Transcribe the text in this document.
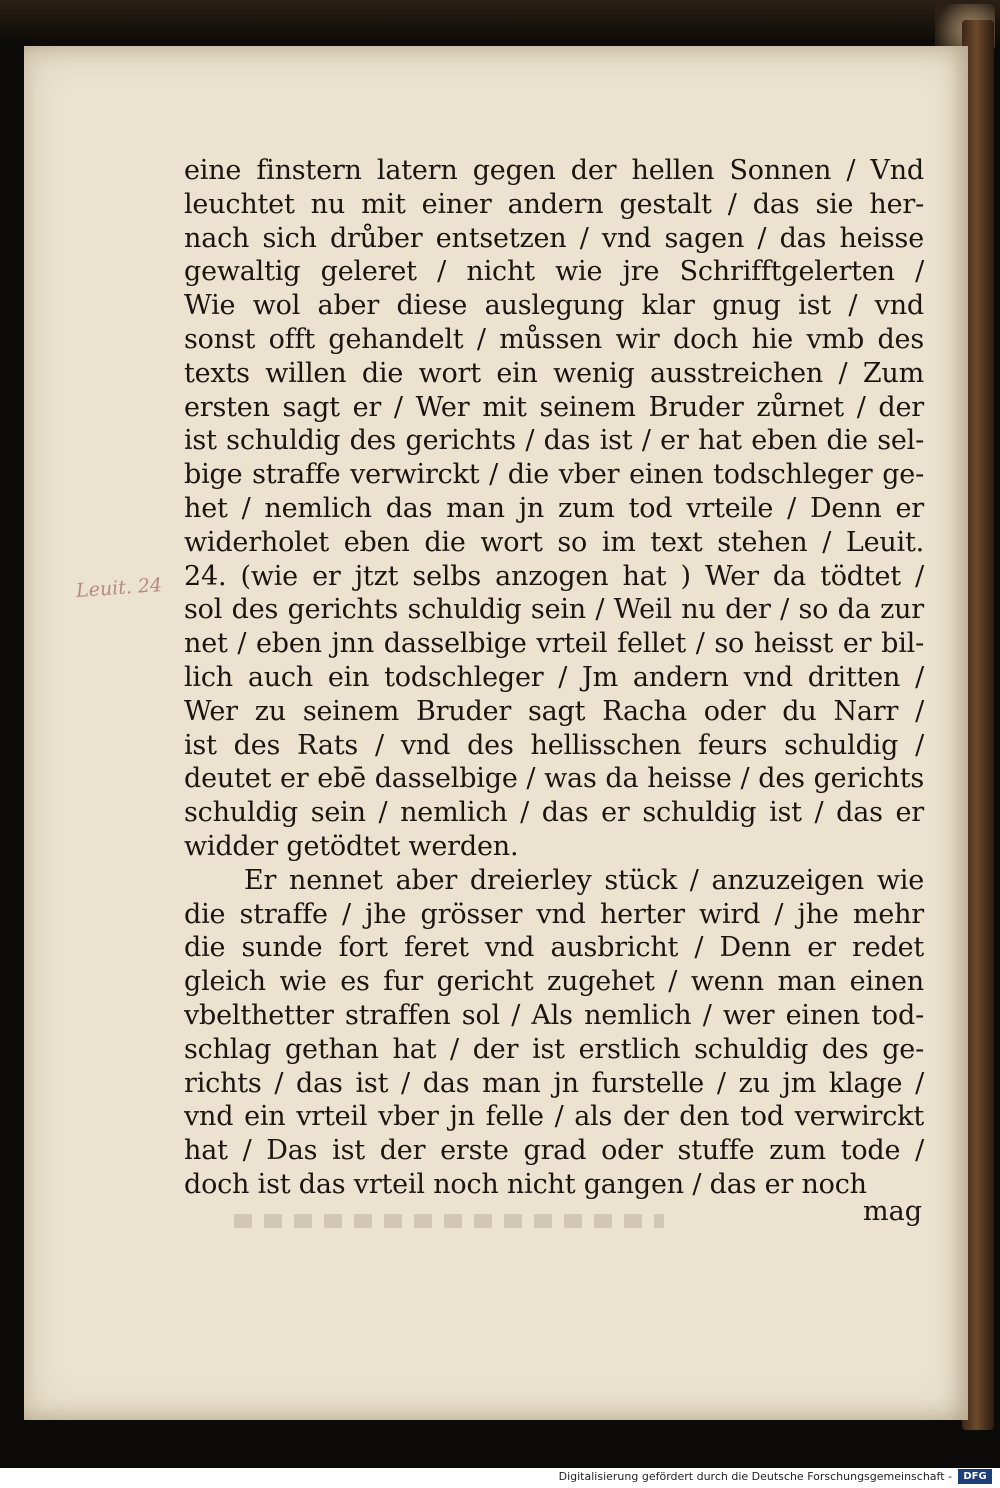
Leuit. 24
eine finstern latern gegen der hellen Sonnen / Vnd
leuchtet nu mit einer andern gestalt / das sie her-
nach sich drůber entsetzen / vnd sagen / das heisse
gewaltig geleret / nicht wie jre Schrifftgelerten /
Wie wol aber diese auslegung klar gnug ist / vnd
sonst offt gehandelt / můssen wir doch hie vmb des
texts willen die wort ein wenig ausstreichen / Zum
ersten sagt er / Wer mit seinem Bruder zůrnet / der
ist schuldig des gerichts / das ist / er hat eben die sel-
bige straffe verwirckt / die vber einen todschleger ge-
het / nemlich das man jn zum tod vrteile / Denn er
widerholet eben die wort so im text stehen / Leuit.
24. (wie er jtzt selbs anzogen hat ) Wer da tödtet /
sol des gerichts schuldig sein / Weil nu der / so da zur
net / eben jnn dasselbige vrteil fellet / so heisst er bil-
lich auch ein todschleger / Jm andern vnd dritten /
Wer zu seinem Bruder sagt Racha oder du Narr /
ist des Rats / vnd des hellisschen feurs schuldig /
deutet er ebē dasselbige / was da heisse / des gerichts
schuldig sein / nemlich / das er schuldig ist / das er
widder getödtet werden.
Er nennet aber dreierley stück / anzuzeigen wie
die straffe / jhe grösser vnd herter wird / jhe mehr
die sunde fort feret vnd ausbricht / Denn er redet
gleich wie es fur gericht zugehet / wenn man einen
vbelthetter straffen sol / Als nemlich / wer einen tod-
schlag gethan hat / der ist erstlich schuldig des ge-
richts / das ist / das man jn furstelle / zu jm klage /
vnd ein vrteil vber jn felle / als der den tod verwirckt
hat / Das ist der erste grad oder stuffe zum tode /
doch ist das vrteil noch nicht gangen / das er noch
mag
Digitalisierung gefördert durch die Deutsche Forschungsgemeinschaft -	DFG
